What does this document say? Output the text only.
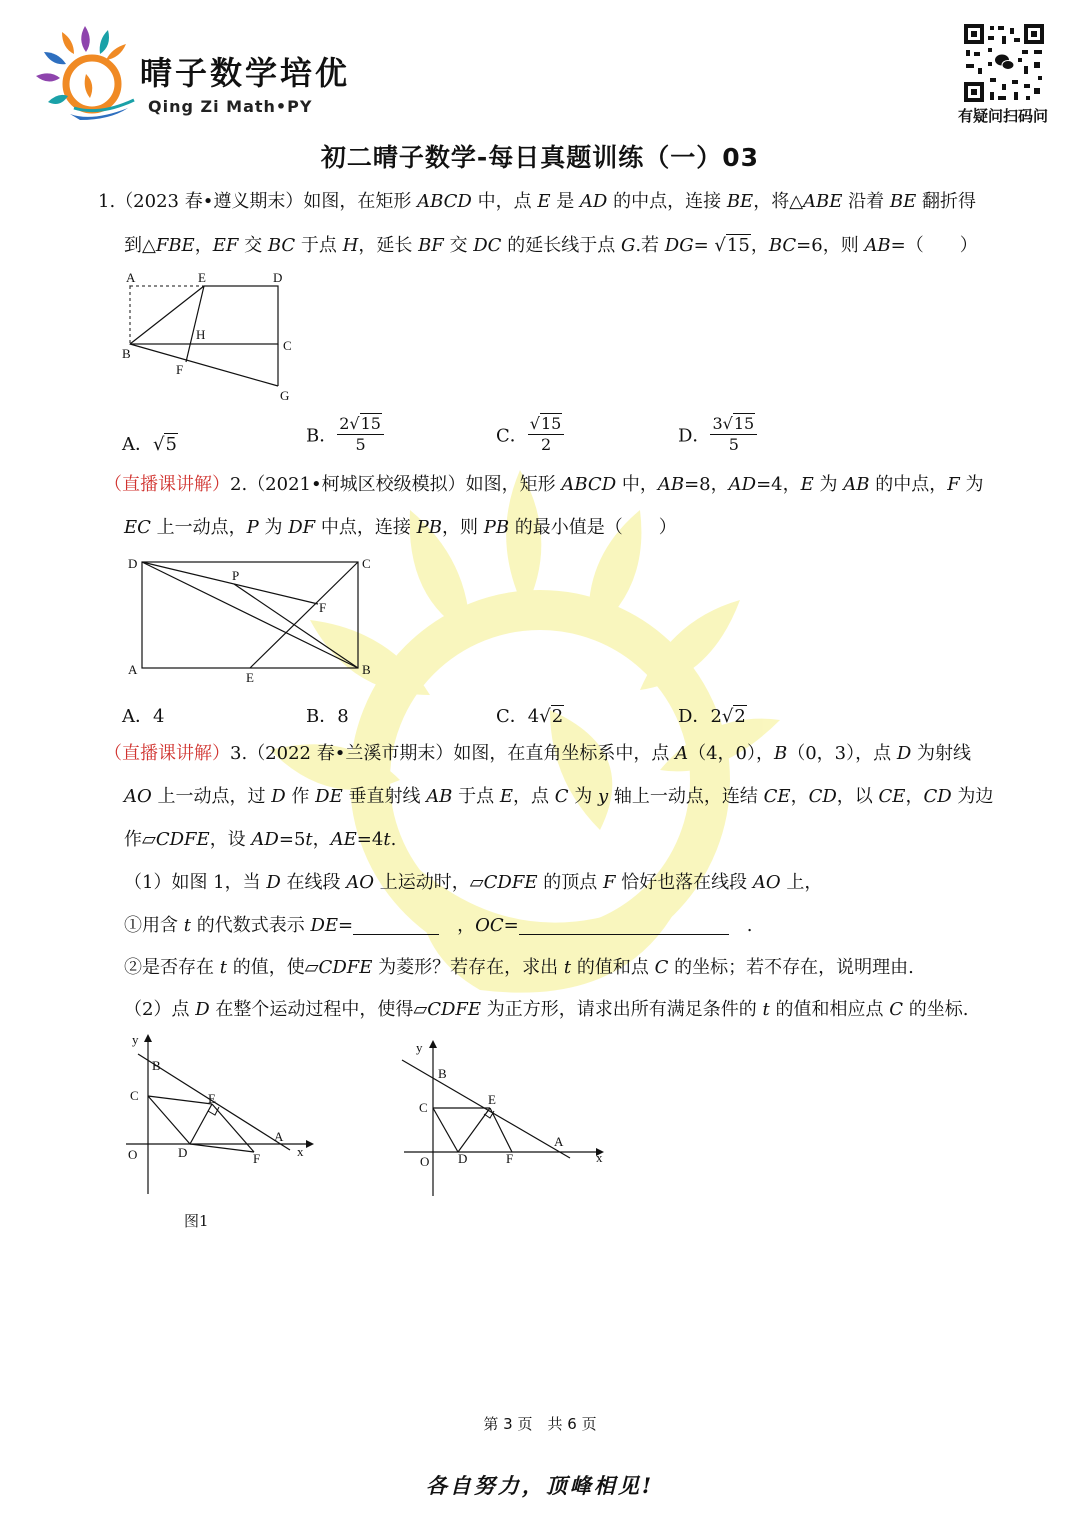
晴子数学培优
Qing Zi Math•PY	有疑问扫码问
初二晴子数学-每日真题训练（一）03
1.（2023 春•遵义期末）如图，在矩形 ABCD 中，点 E 是 AD 的中点，连接 BE，将△ABE 沿着 BE 翻折得
到△FBE，EF 交 BC 于点 H，延长 BF 交 DC 的延长线于点 G.若 DG= √15，BC=6，则 AB=（　　）
A	E	D
H
C
B
F
G
A．√5	B． $\frac{2√15}{5}$	C． $\frac{√15}{2}$	D． $\frac{3√15}{5}$
（直播课讲解）2.（2021•柯城区校级模拟）如图，矩形 ABCD 中，AB=8，AD=4，E 为 AB 的中点，F 为
EC 上一动点，P 为 DF 中点，连接 PB，则 PB 的最小值是（　　）
D
P
C
F
A
E
B
A．4	B．8	C．4√2	D．2√2
（直播课讲解）3.（2022 春•兰溪市期末）如图，在直角坐标系中，点 A（4，0），B（0，3），点 D 为射线
AO 上一动点，过 D 作 DE 垂直射线 AB 于点 E，点 C 为 y 轴上一动点，连结 CE，CD，以 CE，CD 为边
作▱CDFE，设 AD=5t，AE=4t.
（1）如图 1，当 D 在线段 AO 上运动时，▱CDFE 的顶点 F 恰好也落在线段 AO 上，
①用含 t 的代数式表示 DE=　	，OC=　	.
②是否存在 t 的值，使▱CDFE 为菱形？若存在，求出 t 的值和点 C 的坐标；若不存在，说明理由.
（2）点 D 在整个运动过程中，使得▱CDFE 为正方形，请求出所有满足条件的 t 的值和相应点 C 的坐标.
y
B
C	E
A
x
O	D	F
图1
y
B
C
E
A
x
O D	F
第 3 页　共 6 页
各自努力，顶峰相见!
